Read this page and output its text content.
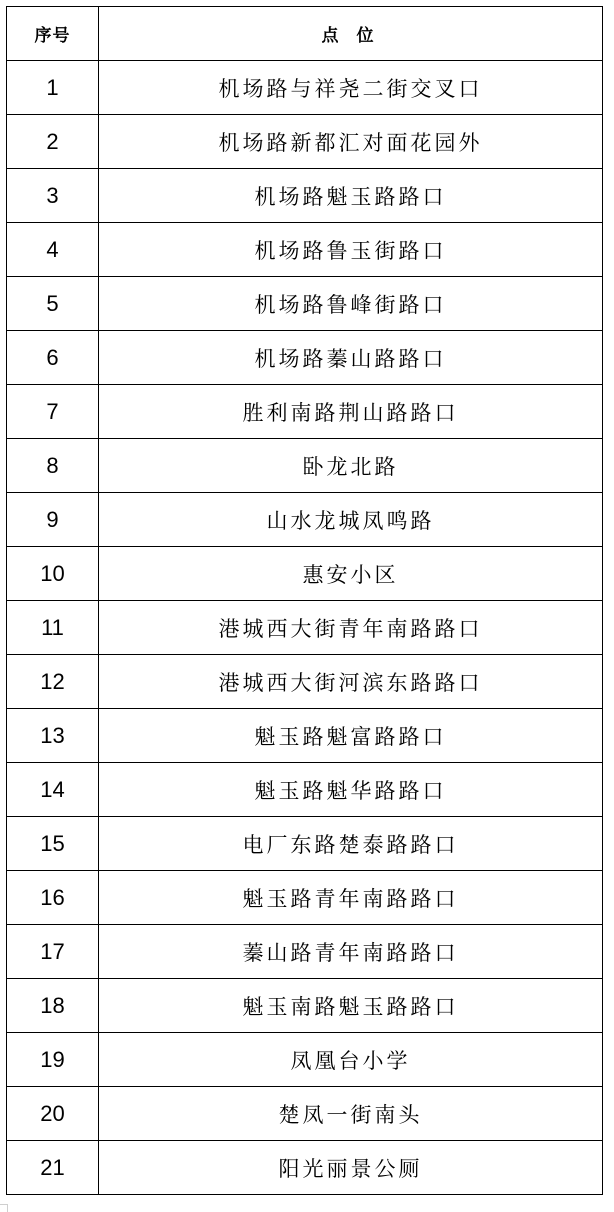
序号	点 位
1	机场路与祥尧二街交叉口
2	机场路新都汇对面花园外
3	机场路魁玉路路口
4	机场路鲁玉街路口
5	机场路鲁峰街路口
6	机场路蓁山路路口
7	胜利南路荆山路路口
8	卧龙北路
9	山水龙城凤鸣路
10	惠安小区
11	港城西大街青年南路路口
12	港城西大街河滨东路路口
13	魁玉路魁富路路口
14	魁玉路魁华路路口
15	电厂东路楚泰路路口
16	魁玉路青年南路路口
17	蓁山路青年南路路口
18	魁玉南路魁玉路路口
19	凤凰台小学
20	楚凤一街南头
21	阳光丽景公厕
